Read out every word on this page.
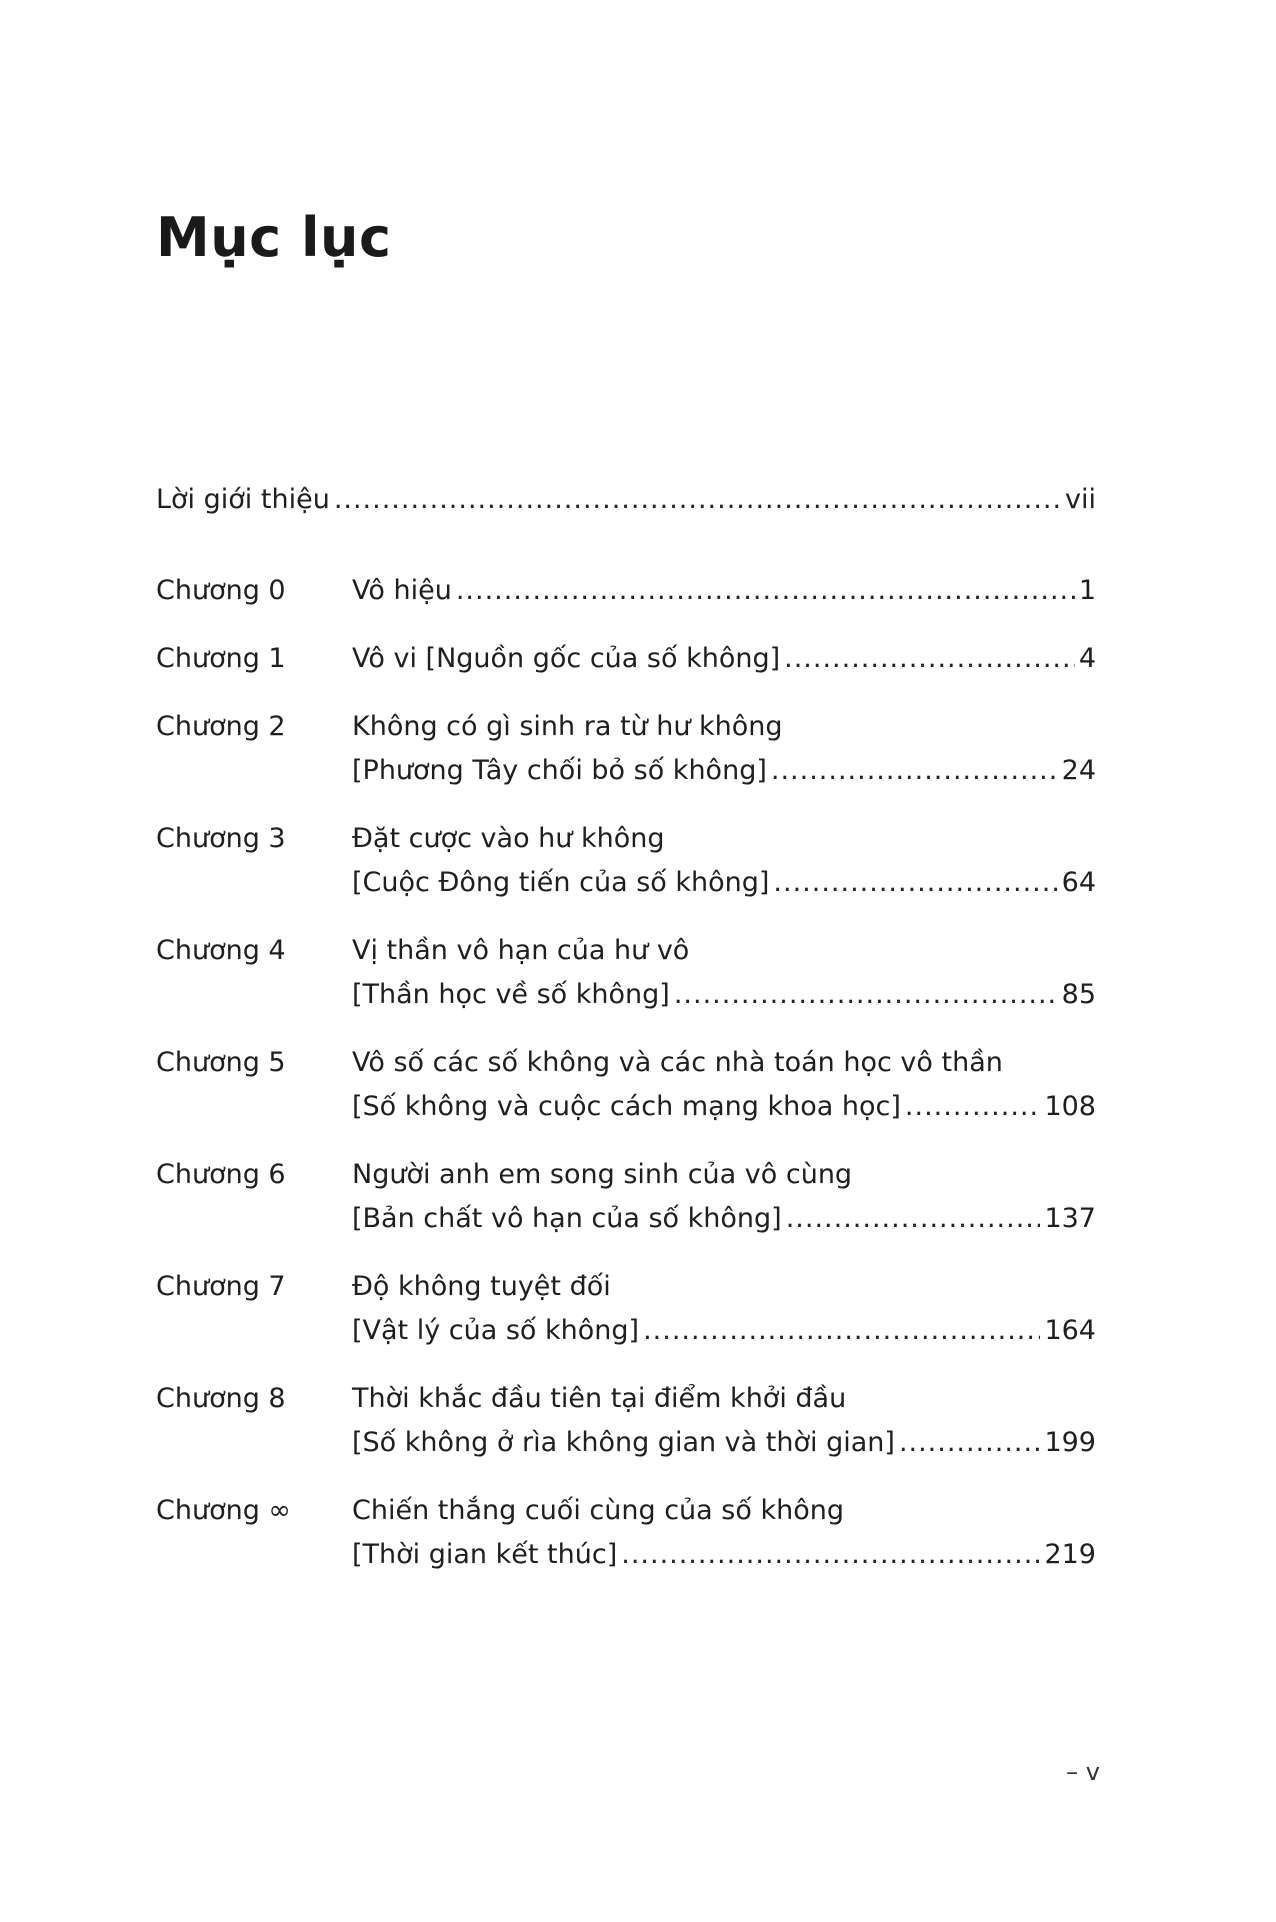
Mục lục
Lời giới thiệu .....	vii
Chương 0	Vô hiệu .....	1
Chương 1	Vô vi [Nguồn gốc của số không] .....	4
Chương 2	Không có gì sinh ra từ hư không
[Phương Tây chối bỏ số không] .....	24
Chương 3	Đặt cược vào hư không
[Cuộc Đông tiến của số không] .....	64
Chương 4	Vị thần vô hạn của hư vô
[Thần học về số không] .....	85
Chương 5	Vô số các số không và các nhà toán học vô thần
[Số không và cuộc cách mạng khoa học] .....	108
Chương 6	Người anh em song sinh của vô cùng
[Bản chất vô hạn của số không] .....	137
Chương 7	Độ không tuyệt đối
[Vật lý của số không] .....	164
Chương 8	Thời khắc đầu tiên tại điểm khởi đầu
[Số không ở rìa không gian và thời gian] .....	199
Chương ∞	Chiến thắng cuối cùng của số không
[Thời gian kết thúc] .....	219
– v
